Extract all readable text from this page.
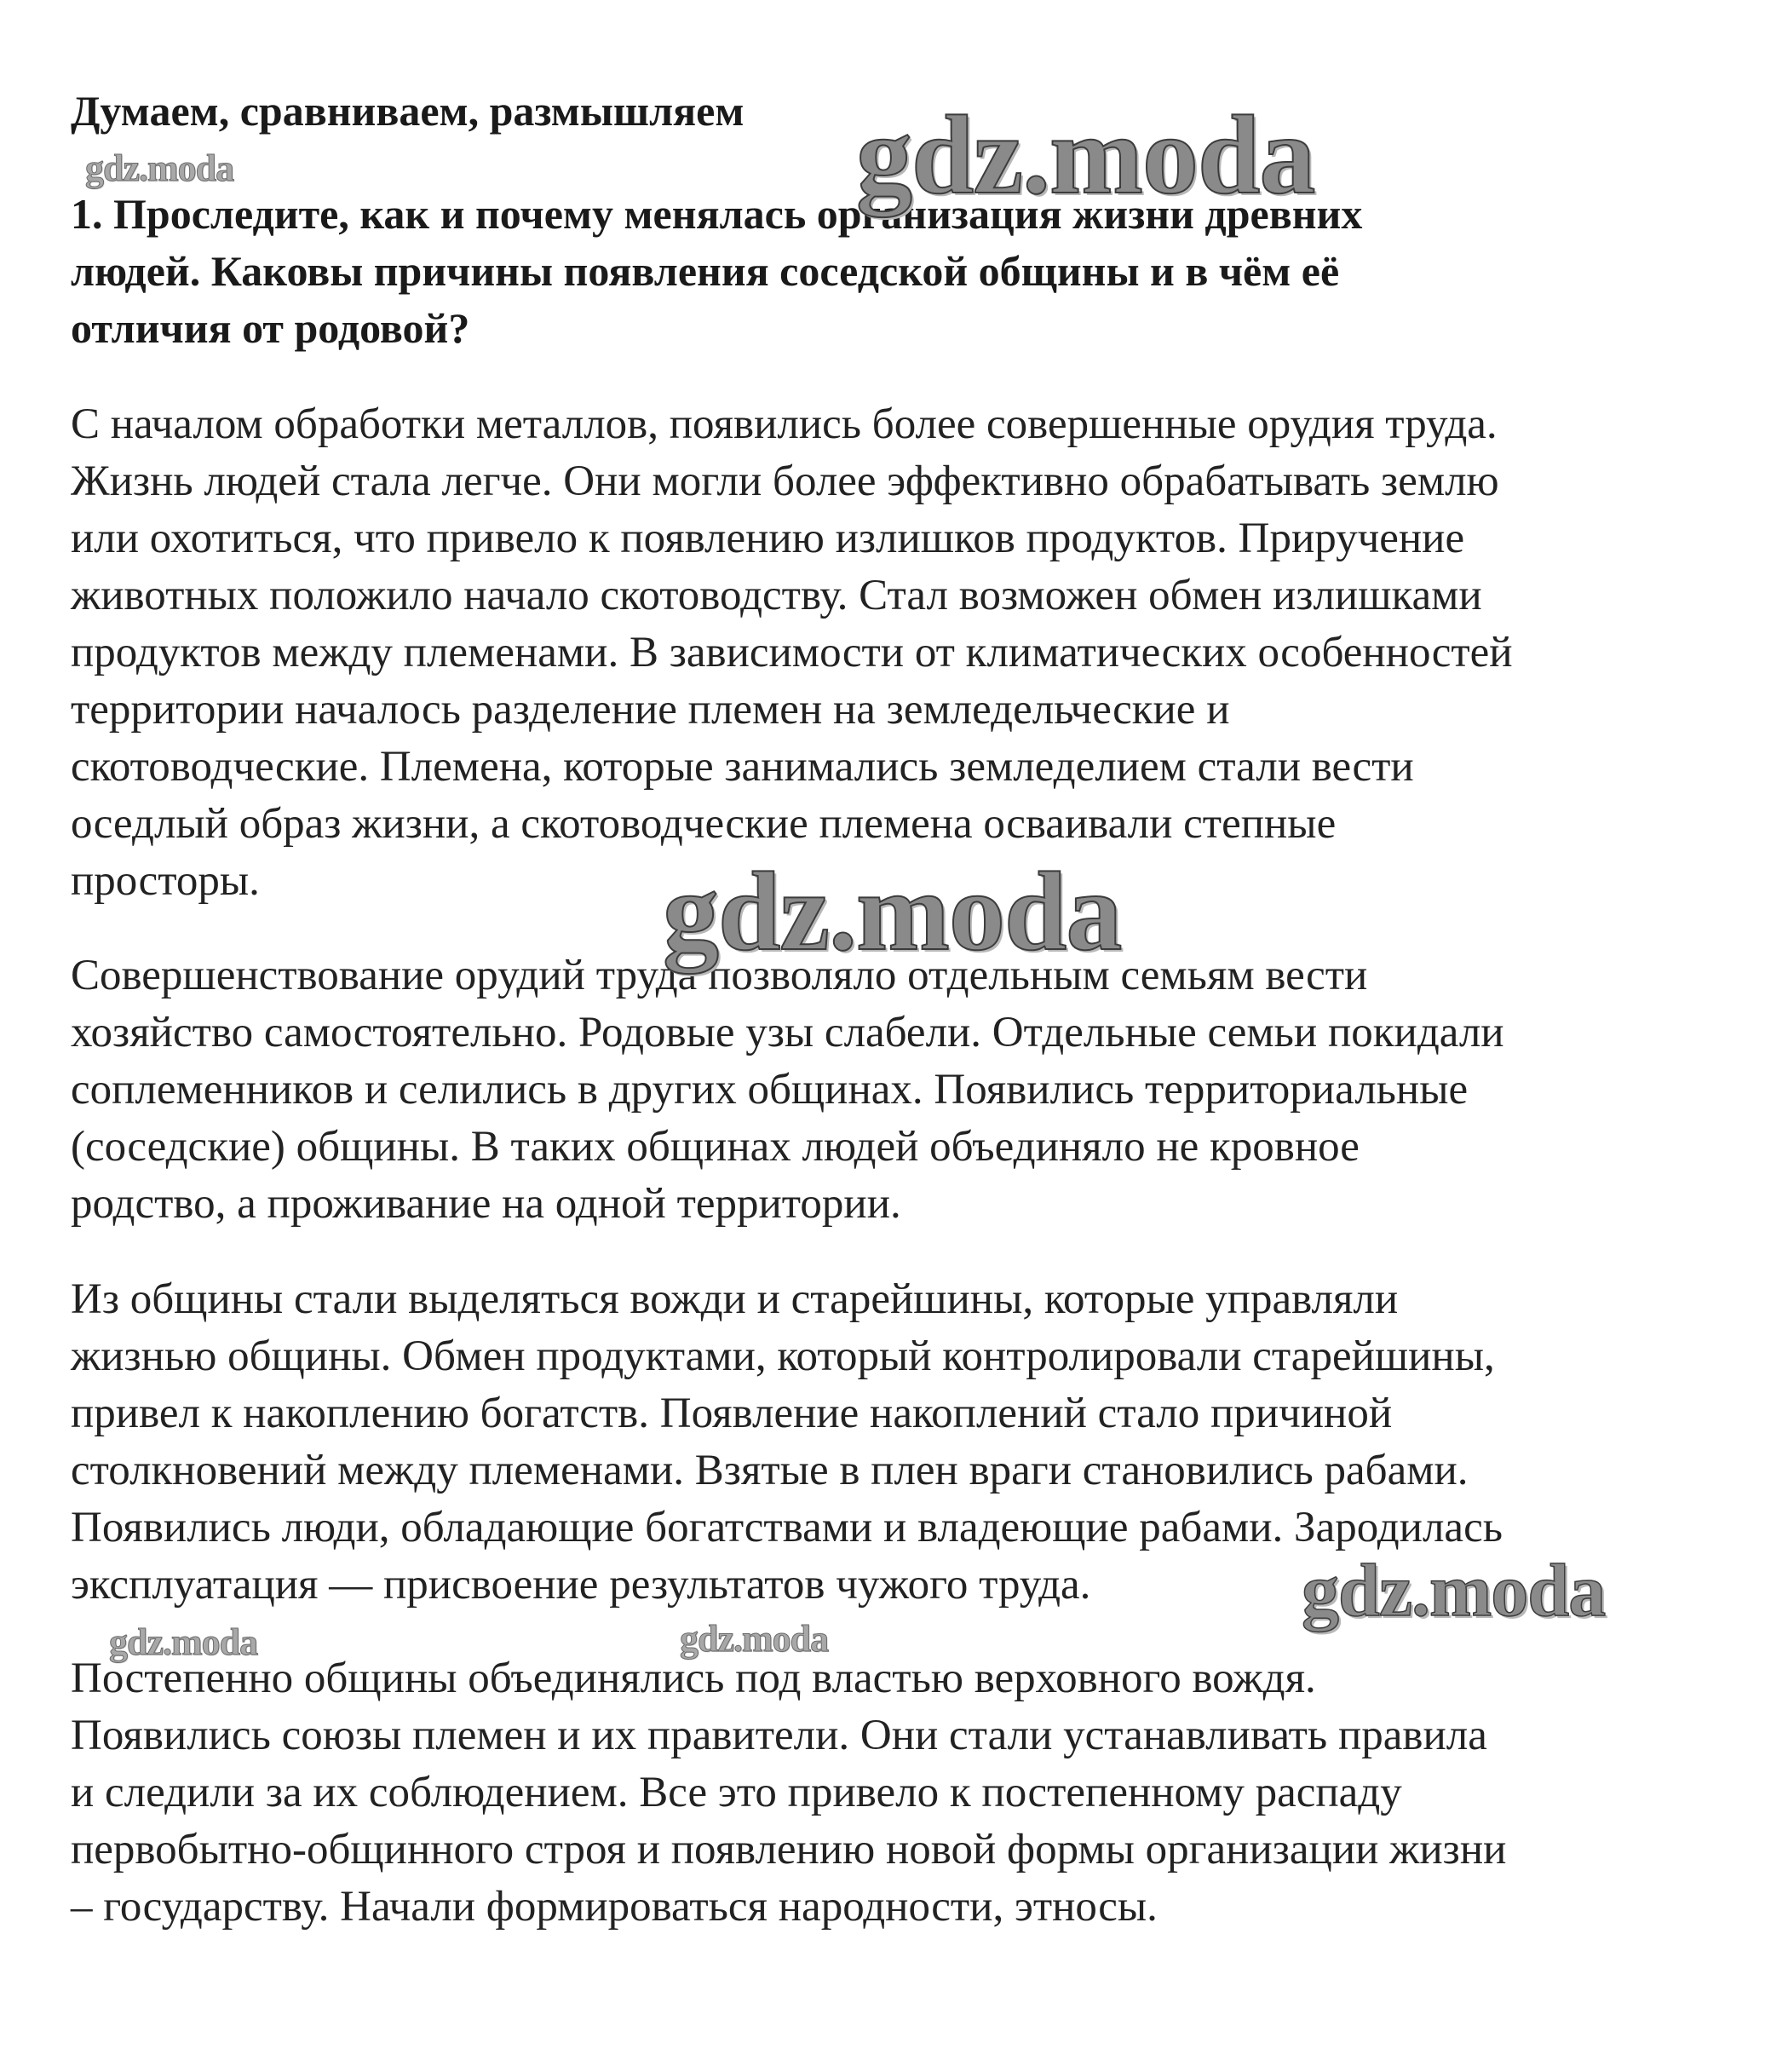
Думаем, сравниваем, размышляем
1. Проследите, как и почему менялась организация жизни древних
людей. Каковы причины появления соседской общины и в чём её
отличия от родовой?
С началом обработки металлов, появились более совершенные орудия труда.
Жизнь людей стала легче. Они могли более эффективно обрабатывать землю
или охотиться, что привело к появлению излишков продуктов. Приручение
животных положило начало скотоводству. Стал возможен обмен излишками
продуктов между племенами. В зависимости от климатических особенностей
территории началось разделение племен на земледельческие и
скотоводческие. Племена, которые занимались земледелием стали вести
оседлый образ жизни, а скотоводческие племена осваивали степные
просторы.
Совершенствование орудий труда позволяло отдельным семьям вести
хозяйство самостоятельно. Родовые узы слабели. Отдельные семьи покидали
соплеменников и селились в других общинах. Появились территориальные
(соседские) общины. В таких общинах людей объединяло не кровное
родство, а проживание на одной территории.
Из общины стали выделяться вожди и старейшины, которые управляли
жизнью общины. Обмен продуктами, который контролировали старейшины,
привел к накоплению богатств. Появление накоплений стало причиной
столкновений между племенами. Взятые в плен враги становились рабами.
Появились люди, обладающие богатствами и владеющие рабами. Зародилась
эксплуатация — присвоение результатов чужого труда.
Постепенно общины объединялись под властью верховного вождя.
Появились союзы племен и их правители. Они стали устанавливать правила
и следили за их соблюдением. Все это привело к постепенному распаду
первобытно-общинного строя и появлению новой формы организации жизни
– государству. Начали формироваться народности, этносы.
gdz.moda
gdz.moda
gdz.moda
gdz.moda
gdz.moda	gdz.moda
